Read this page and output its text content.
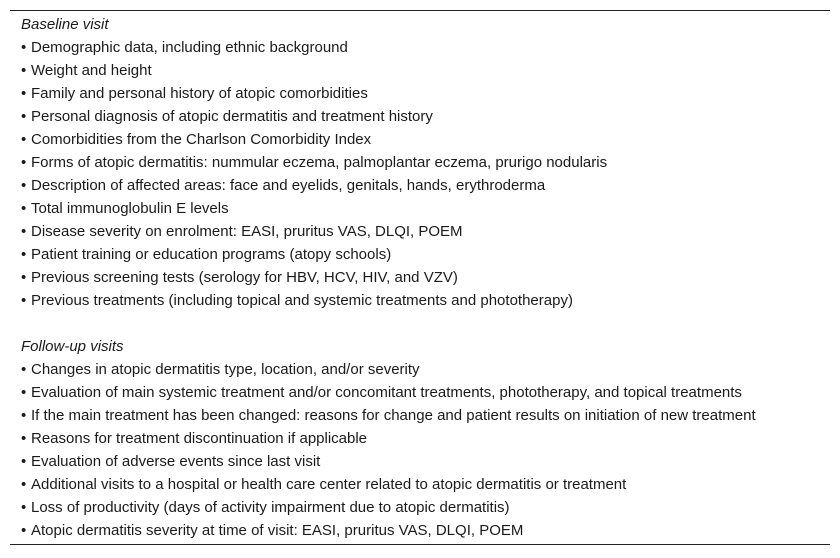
Baseline visit
• Demographic data, including ethnic background
• Weight and height
• Family and personal history of atopic comorbidities
• Personal diagnosis of atopic dermatitis and treatment history
• Comorbidities from the Charlson Comorbidity Index
• Forms of atopic dermatitis: nummular eczema, palmoplantar eczema, prurigo nodularis
• Description of affected areas: face and eyelids, genitals, hands, erythroderma
• Total immunoglobulin E levels
• Disease severity on enrolment: EASI, pruritus VAS, DLQI, POEM
• Patient training or education programs (atopy schools)
• Previous screening tests (serology for HBV, HCV, HIV, and VZV)
• Previous treatments (including topical and systemic treatments and phototherapy)
Follow-up visits
• Changes in atopic dermatitis type, location, and/or severity
• Evaluation of main systemic treatment and/or concomitant treatments, phototherapy, and topical treatments
• If the main treatment has been changed: reasons for change and patient results on initiation of new treatment
• Reasons for treatment discontinuation if applicable
• Evaluation of adverse events since last visit
• Additional visits to a hospital or health care center related to atopic dermatitis or treatment
• Loss of productivity (days of activity impairment due to atopic dermatitis)
• Atopic dermatitis severity at time of visit: EASI, pruritus VAS, DLQI, POEM
